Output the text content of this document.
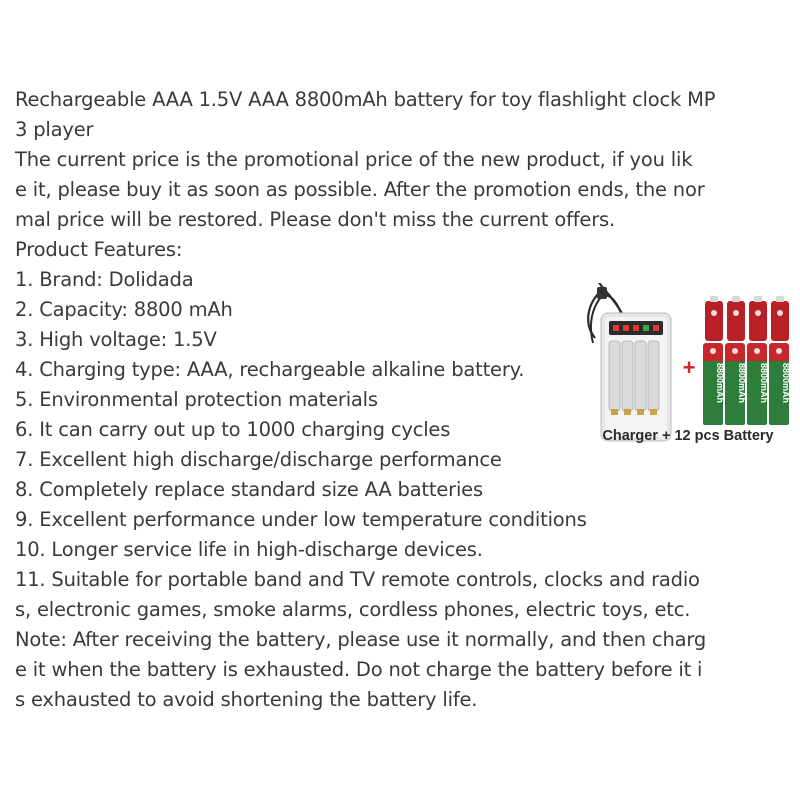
Rechargeable AAA 1.5V AAA 8800mAh battery for toy flashlight clock MP
3 player
The current price is the promotional price of the new product, if you lik
e it, please buy it as soon as possible. After the promotion ends, the nor
mal price will be restored. Please don't miss the current offers.
Product Features:
1. Brand: Dolidada
2. Capacity: 8800 mAh
3. High voltage: 1.5V
4. Charging type: AAA, rechargeable alkaline battery.
5. Environmental protection materials
6. It can carry out up to 1000 charging cycles
7. Excellent high discharge/discharge performance
8. Completely replace standard size AA batteries
9. Excellent performance under low temperature conditions
10. Longer service life in high-discharge devices.
11. Suitable for portable band and TV remote controls, clocks and radio
s, electronic games, smoke alarms, cordless phones, electric toys, etc.
Note: After receiving the battery, please use it normally, and then charg
e it when the battery is exhausted. Do not charge the battery before it i
s exhausted to avoid shortening the battery life.
+ 8800mAh 8800mAh 8800mAh 8800mAh
Charger + 12 pcs Battery
